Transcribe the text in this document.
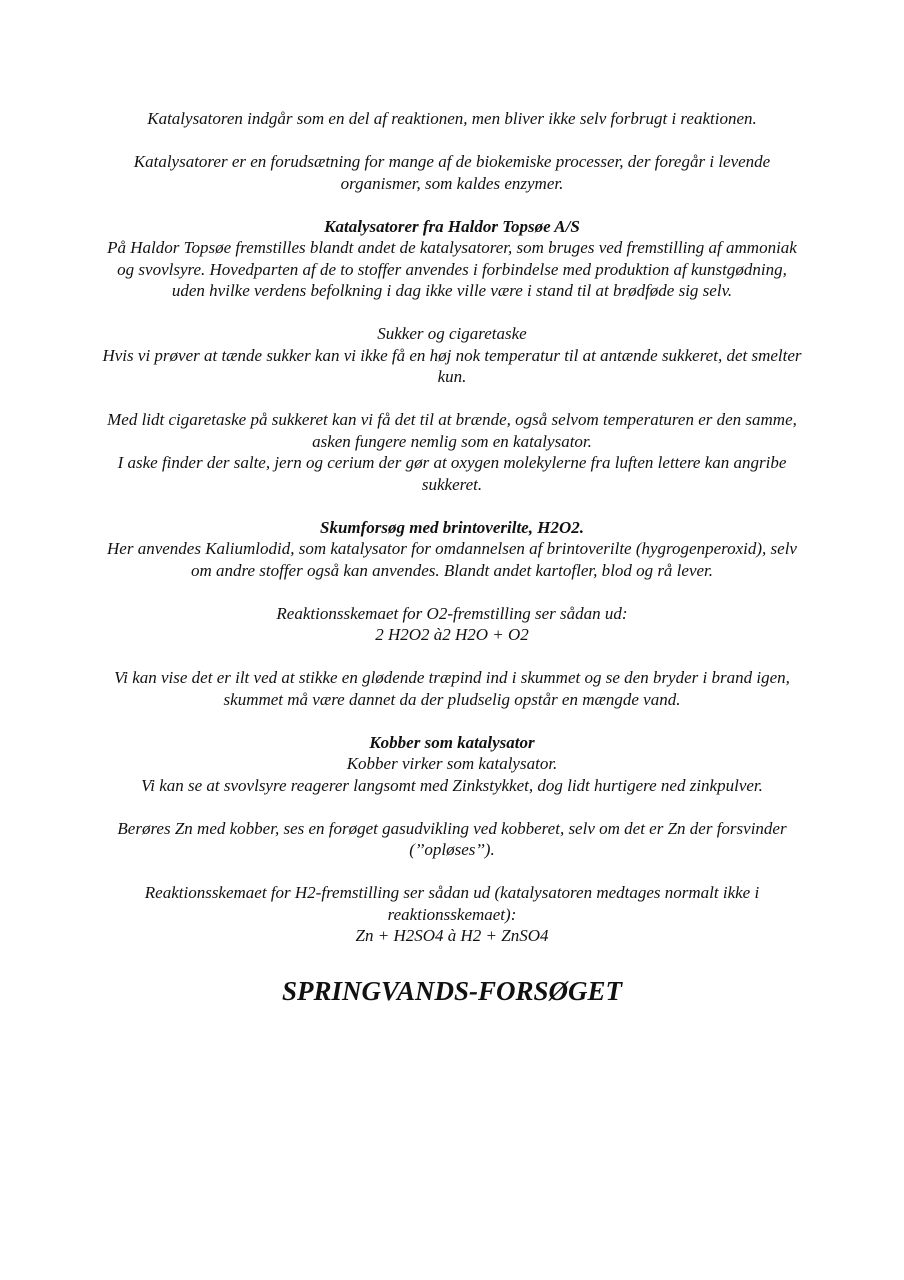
Katalysatoren indgår som en del af reaktionen, men bliver ikke selv forbrugt i reaktionen.

Katalysatorer er en forudsætning for mange af de biokemiske processer, der foregår i levende organismer, som kaldes enzymer.

Katalysatorer fra Haldor Topsøe A/S

På Haldor Topsøe fremstilles blandt andet de katalysatorer, som bruges ved fremstilling af ammoniak og svovlsyre. Hovedparten af de to stoffer anvendes i forbindelse med produktion af kunstgødning, uden hvilke verdens befolkning i dag ikke ville være i stand til at brødføde sig selv.

Sukker og cigaretaske

Hvis vi prøver at tænde sukker kan vi ikke få en høj nok temperatur til at antænde sukkeret, det smelter kun.

Med lidt cigaretaske på sukkeret kan vi få det til at brænde, også selvom temperaturen er den samme, asken fungere nemlig som en katalysator.

I aske finder der salte, jern og cerium der gør at oxygen molekylerne fra luften lettere kan angribe sukkeret.

Skumforsøg med brintoverilte, H2O2.

Her anvendes Kaliumlodid, som katalysator for omdannelsen af brintoverilte (hygrogenperoxid), selv om andre stoffer også kan anvendes. Blandt andet kartofler, blod og rå lever.

Reaktionsskemaet for O2-fremstilling ser sådan ud:

2 H2O2 à2 H2O + O2

Vi kan vise det er ilt ved at stikke en glødende træpind ind i skummet og se den bryder i brand igen, skummet må være dannet da der pludselig opstår en mængde vand.

Kobber som katalysator

Kobber virker som katalysator.

Vi kan se at svovlsyre reagerer langsomt med Zinkstykket, dog lidt hurtigere ned zinkpulver.

Berøres Zn med kobber, ses en forøget gasudvikling ved kobberet, selv om det er Zn der forsvinder (’’opløses’’).

Reaktionsskemaet for H2-fremstilling ser sådan ud (katalysatoren medtages normalt ikke i reaktionsskemaet):

Zn + H2SO4 à H2 + ZnSO4

SPRINGVANDS-FORSØGET
